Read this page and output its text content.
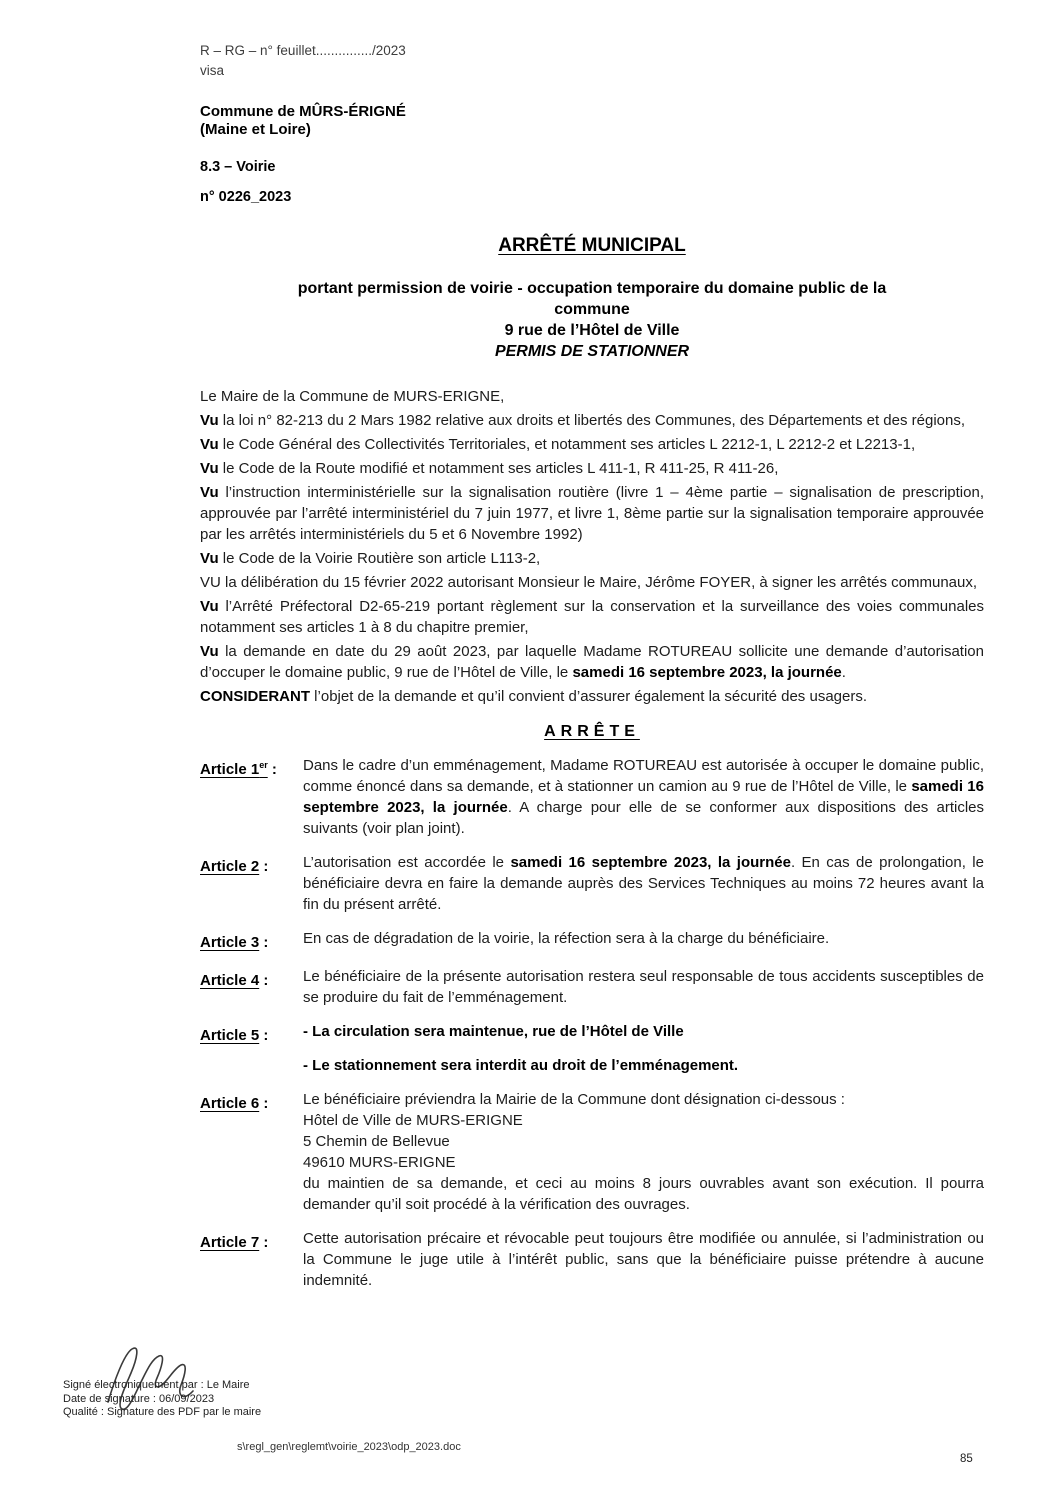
R – RG – n° feuillet.............../2023
visa
Commune de MÛRS-ÉRIGNÉ
(Maine et Loire)
8.3 – Voirie
n° 0226_2023
ARRÊTÉ MUNICIPAL
portant permission de voirie - occupation temporaire du domaine public de la
commune
9 rue de l’Hôtel de Ville
PERMIS DE STATIONNER
Le Maire de la Commune de MURS-ERIGNE,
Vu la loi n° 82-213 du 2 Mars 1982 relative aux droits et libertés des Communes, des Départements et des régions,
Vu le Code Général des Collectivités Territoriales, et notamment ses articles L 2212-1, L 2212-2 et L2213-1,
Vu le Code de la Route modifié et notamment ses articles L 411-1, R 411-25, R 411-26,
Vu l’instruction interministérielle sur la signalisation routière (livre 1 – 4ème partie – signalisation de prescription, approuvée par l’arrêté interministériel du 7 juin 1977, et livre 1, 8ème partie sur la signalisation temporaire approuvée par les arrêtés interministériels du 5 et 6 Novembre 1992)
Vu le Code de la Voirie Routière son article L113-2,
VU la délibération du 15 février 2022 autorisant Monsieur le Maire, Jérôme FOYER, à signer les arrêtés communaux,
Vu l’Arrêté Préfectoral D2-65-219 portant règlement sur la conservation et la surveillance des voies communales notamment ses articles 1 à 8 du chapitre premier,
Vu la demande en date du 29 août 2023, par laquelle Madame ROTUREAU sollicite une demande d’autorisation d’occuper le domaine public, 9 rue de l’Hôtel de Ville, le samedi 16 septembre 2023, la journée.
CONSIDERANT l’objet de la demande et qu’il convient d’assurer également la sécurité des usagers.
ARRÊTE
Article 1er :	Dans le cadre d’un emménagement, Madame ROTUREAU est autorisée à occuper le domaine public, comme énoncé dans sa demande, et à stationner un camion au 9 rue de l’Hôtel de Ville, le samedi 16 septembre 2023, la journée. A charge pour elle de se conformer aux dispositions des articles suivants (voir plan joint).
Article 2 :	L’autorisation est accordée le samedi 16 septembre 2023, la journée. En cas de prolongation, le bénéficiaire devra en faire la demande auprès des Services Techniques au moins 72 heures avant la fin du présent arrêté.
Article 3 :	En cas de dégradation de la voirie, la réfection sera à la charge du bénéficiaire.
Article 4 :	Le bénéficiaire de la présente autorisation restera seul responsable de tous accidents susceptibles de se produire du fait de l’emménagement.
Article 5 :	- La circulation sera maintenue, rue de l’Hôtel de Ville
- Le stationnement sera interdit au droit de l’emménagement.
Article 6 :	Le bénéficiaire préviendra la Mairie de la Commune dont désignation ci-dessous :
Hôtel de Ville de MURS-ERIGNE
5 Chemin de Bellevue
49610 MURS-ERIGNE
du maintien de sa demande, et ceci au moins 8 jours ouvrables avant son exécution. Il pourra demander qu’il soit procédé à la vérification des ouvrages.
Article 7 :	Cette autorisation précaire et révocable peut toujours être modifiée ou annulée, si l’administration ou la Commune le juge utile à l’intérêt public, sans que la bénéficiaire puisse prétendre à aucune indemnité.
Signé électroniquement par : Le Maire
Date de signature : 06/09/2023
Qualité : Signature des PDF par le maire
s\regl_gen\reglemt\voirie_2023\odp_2023.doc
85
